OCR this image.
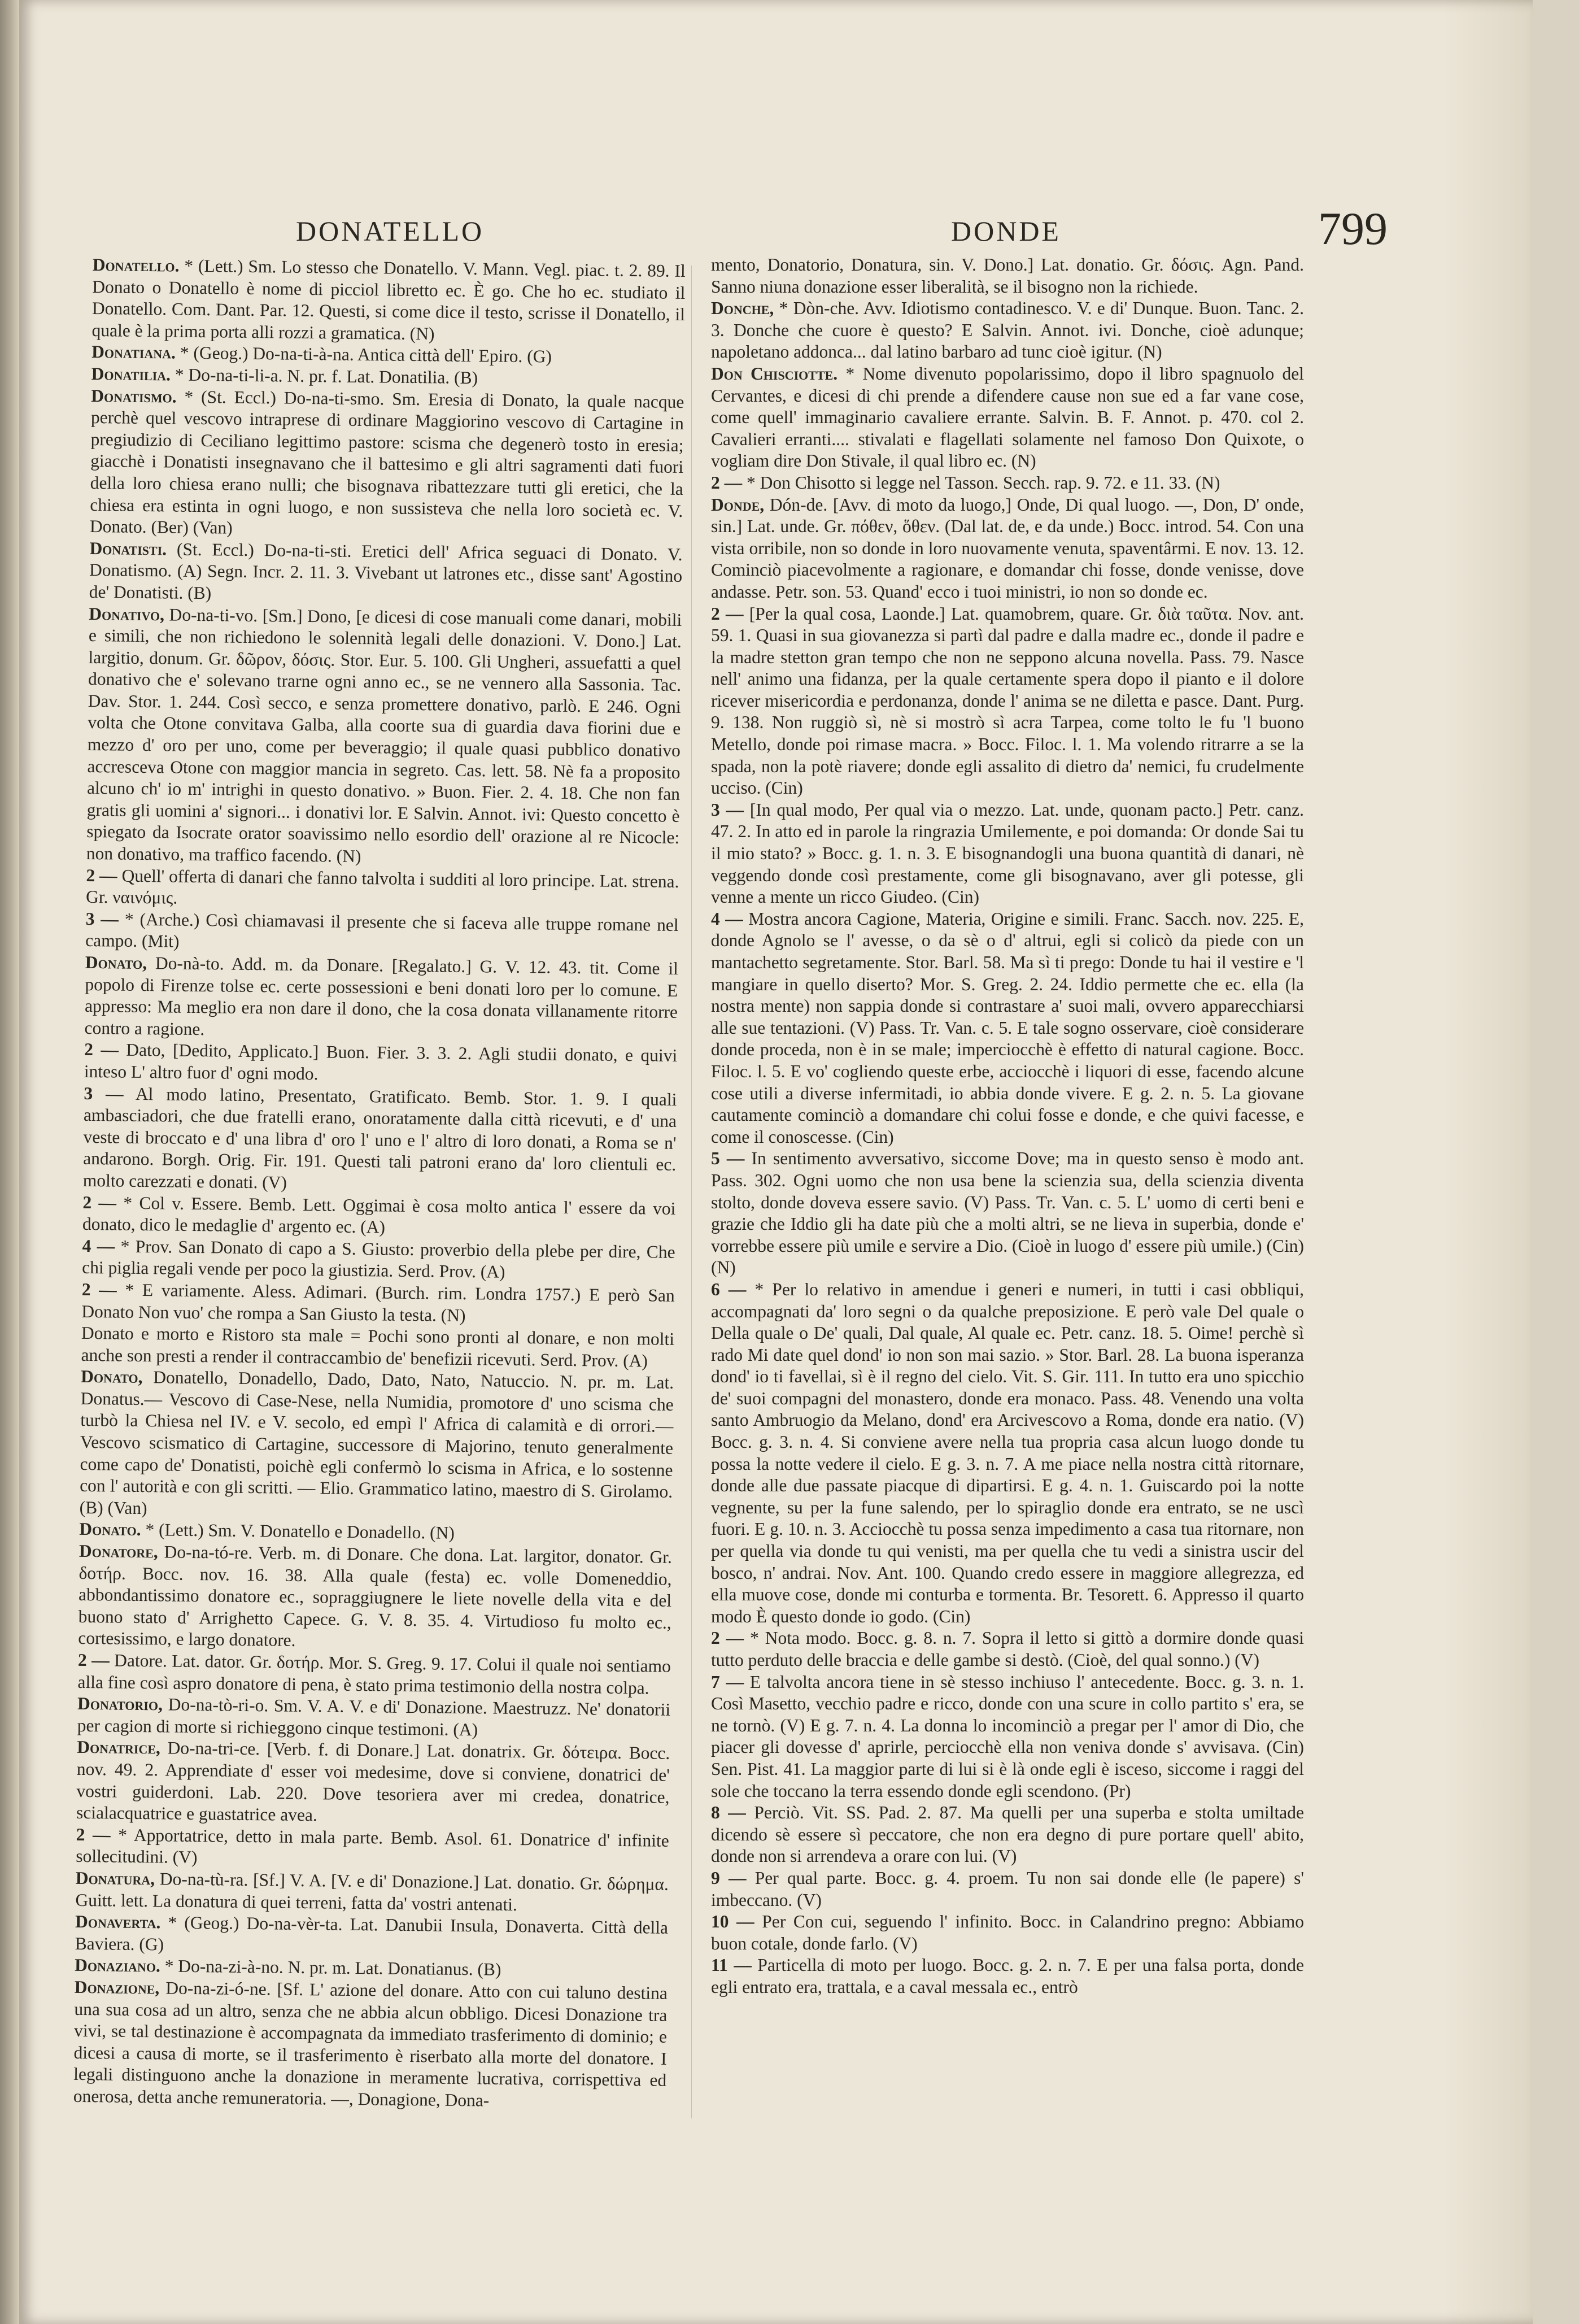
DONATELLO	DONDE	799

Donatello. * (Lett.) Sm. Lo stesso che Donatello. V. Mann. Vegl. piac. t. 2. 89. Il Donato o Donatello è nome di picciol libretto ec. È go. Che ho ec. studiato il Donatello. Com. Dant. Par. 12. Questi, si come dice il testo, scrisse il Donatello, il quale è la prima porta alli rozzi a gramatica. (N)

Donatiana. * (Geog.) Do-na-ti-à-na. Antica città dell' Epiro. (G)

Donatilia. * Do-na-ti-li-a. N. pr. f. Lat. Donatilia. (B)

Donatismo. * (St. Eccl.) Do-na-ti-smo. Sm. Eresia di Donato, la quale nacque perchè quel vescovo intraprese di ordinare Maggiorino vescovo di Cartagine in pregiudizio di Ceciliano legittimo pastore: scisma che degenerò tosto in eresia; giacchè i Donatisti insegnavano che il battesimo e gli altri sagramenti dati fuori della loro chiesa erano nulli; che bisognava ribattezzare tutti gli eretici, che la chiesa era estinta in ogni luogo, e non sussisteva che nella loro società ec. V. Donato. (Ber) (Van)

Donatisti. (St. Eccl.) Do-na-ti-sti. Eretici dell' Africa seguaci di Donato. V. Donatismo. (A) Segn. Incr. 2. 11. 3. Vivebant ut latrones etc., disse sant' Agostino de' Donatisti. (B)

Donativo, Do-na-ti-vo. [Sm.] Dono, [e dicesi di cose manuali come danari, mobili e simili, che non richiedono le solennità legali delle donazioni. V. Dono.] Lat. largitio, donum. Gr. δῶρον, δόσις. Stor. Eur. 5. 100. Gli Ungheri, assuefatti a quel donativo che e' solevano trarne ogni anno ec., se ne vennero alla Sassonia. Tac. Dav. Stor. 1. 244. Così secco, e senza promettere donativo, parlò. E 246. Ogni volta che Otone convitava Galba, alla coorte sua di guardia dava fiorini due e mezzo d' oro per uno, come per beveraggio; il quale quasi pubblico donativo accresceva Otone con maggior mancia in segreto. Cas. lett. 58. Nè fa a proposito alcuno ch' io m' intrighi in questo donativo. » Buon. Fier. 2. 4. 18. Che non fan gratis gli uomini a' signori... i donativi lor. E Salvin. Annot. ivi: Questo concetto è spiegato da Isocrate orator soavissimo nello esordio dell' orazione al re Nicocle: non donativo, ma traffico facendo. (N)

2 — Quell' offerta di danari che fanno talvolta i sudditi al loro principe. Lat. strena. Gr. ναινόμις.

3 — * (Arche.) Così chiamavasi il presente che si faceva alle truppe romane nel campo. (Mit)

Donato, Do-nà-to. Add. m. da Donare. [Regalato.] G. V. 12. 43. tit. Come il popolo di Firenze tolse ec. certe possessioni e beni donati loro per lo comune. E appresso: Ma meglio era non dare il dono, che la cosa donata villanamente ritorre contro a ragione.

2 — Dato, [Dedito, Applicato.] Buon. Fier. 3. 3. 2. Agli studii donato, e quivi inteso L' altro fuor d' ogni modo.

3 — Al modo latino, Presentato, Gratificato. Bemb. Stor. 1. 9. I quali ambasciadori, che due fratelli erano, onoratamente dalla città ricevuti, e d' una veste di broccato e d' una libra d' oro l' uno e l' altro di loro donati, a Roma se n' andarono. Borgh. Orig. Fir. 191. Questi tali patroni erano da' loro clientuli ec. molto carezzati e donati. (V)

2 — * Col v. Essere. Bemb. Lett. Oggimai è cosa molto antica l' essere da voi donato, dico le medaglie d' argento ec. (A)

4 — * Prov. San Donato di capo a S. Giusto: proverbio della plebe per dire, Che chi piglia regali vende per poco la giustizia. Serd. Prov. (A)

2 — * E variamente. Aless. Adimari. (Burch. rim. Londra 1757.) E però San Donato Non vuo' che rompa a San Giusto la testa. (N)

Donato e morto e Ristoro sta male = Pochi sono pronti al donare, e non molti anche son presti a render il contraccambio de' benefizii ricevuti. Serd. Prov. (A)

Donato, Donatello, Donadello, Dado, Dato, Nato, Natuccio. N. pr. m. Lat. Donatus.— Vescovo di Case-Nese, nella Numidia, promotore d' uno scisma che turbò la Chiesa nel IV. e V. secolo, ed empì l' Africa di calamità e di orrori.— Vescovo scismatico di Cartagine, successore di Majorino, tenuto generalmente come capo de' Donatisti, poichè egli confermò lo scisma in Africa, e lo sostenne con l' autorità e con gli scritti. — Elio. Grammatico latino, maestro di S. Girolamo. (B) (Van)

Donato. * (Lett.) Sm. V. Donatello e Donadello. (N)

Donatore, Do-na-tó-re. Verb. m. di Donare. Che dona. Lat. largitor, donator. Gr. δοτήρ. Bocc. nov. 16. 38. Alla quale (festa) ec. volle Domeneddio, abbondantissimo donatore ec., sopraggiugnere le liete novelle della vita e del buono stato d' Arrighetto Capece. G. V. 8. 35. 4. Virtudioso fu molto ec., cortesissimo, e largo donatore.

2 — Datore. Lat. dator. Gr. δοτήρ. Mor. S. Greg. 9. 17. Colui il quale noi sentiamo alla fine così aspro donatore di pena, è stato prima testimonio della nostra colpa.

Donatorio, Do-na-tò-ri-o. Sm. V. A. V. e di' Donazione. Maestruzz. Ne' donatorii per cagion di morte si richieggono cinque testimoni. (A)

Donatrice, Do-na-tri-ce. [Verb. f. di Donare.] Lat. donatrix. Gr. δότειρα. Bocc. nov. 49. 2. Apprendiate d' esser voi medesime, dove si conviene, donatrici de' vostri guiderdoni. Lab. 220. Dove tesoriera aver mi credea, donatrice, scialacquatrice e guastatrice avea.

2 — * Apportatrice, detto in mala parte. Bemb. Asol. 61. Donatrice d' infinite sollecitudini. (V)

Donatura, Do-na-tù-ra. [Sf.] V. A. [V. e di' Donazione.] Lat. donatio. Gr. δώρημα. Guitt. lett. La donatura di quei terreni, fatta da' vostri antenati.

Donaverta. * (Geog.) Do-na-vèr-ta. Lat. Danubii Insula, Donaverta. Città della Baviera. (G)

Donaziano. * Do-na-zi-à-no. N. pr. m. Lat. Donatianus. (B)

Donazione, Do-na-zi-ó-ne. [Sf. L' azione del donare. Atto con cui taluno destina una sua cosa ad un altro, senza che ne abbia alcun obbligo. Dicesi Donazione tra vivi, se tal destinazione è accompagnata da immediato trasferimento di dominio; e dicesi a causa di morte, se il trasferimento è riserbato alla morte del donatore. I legali distinguono anche la donazione in meramente lucrativa, corrispettiva ed onerosa, detta anche remuneratoria. —, Donagione, Dona-

mento, Donatorio, Donatura, sin. V. Dono.] Lat. donatio. Gr. δόσις. Agn. Pand. Sanno niuna donazione esser liberalità, se il bisogno non la richiede.

Donche, * Dòn-che. Avv. Idiotismo contadinesco. V. e di' Dunque. Buon. Tanc. 2. 3. Donche che cuore è questo? E Salvin. Annot. ivi. Donche, cioè adunque; napoletano addonca... dal latino barbaro ad tunc cioè igitur. (N)

Don Chisciotte. * Nome divenuto popolarissimo, dopo il libro spagnuolo del Cervantes, e dicesi di chi prende a difendere cause non sue ed a far vane cose, come quell' immaginario cavaliere errante. Salvin. B. F. Annot. p. 470. col 2. Cavalieri erranti.... stivalati e flagellati solamente nel famoso Don Quixote, o vogliam dire Don Stivale, il qual libro ec. (N)

2 — * Don Chisotto si legge nel Tasson. Secch. rap. 9. 72. e 11. 33. (N)

Donde, Dón-de. [Avv. di moto da luogo,] Onde, Di qual luogo. —, Don, D' onde, sin.] Lat. unde. Gr. πόθεν, ὅθεν. (Dal lat. de, e da unde.) Bocc. introd. 54. Con una vista orribile, non so donde in loro nuovamente venuta, spaventârmi. E nov. 13. 12. Cominciò piacevolmente a ragionare, e domandar chi fosse, donde venisse, dove andasse. Petr. son. 53. Quand' ecco i tuoi ministri, io non so donde ec.

2 — [Per la qual cosa, Laonde.] Lat. quamobrem, quare. Gr. διὰ ταῦτα. Nov. ant. 59. 1. Quasi in sua giovanezza si partì dal padre e dalla madre ec., donde il padre e la madre stetton gran tempo che non ne seppono alcuna novella. Pass. 79. Nasce nell' animo una fidanza, per la quale certamente spera dopo il pianto e il dolore ricever misericordia e perdonanza, donde l' anima se ne diletta e pasce. Dant. Purg. 9. 138. Non ruggiò sì, nè si mostrò sì acra Tarpea, come tolto le fu 'l buono Metello, donde poi rimase macra. » Bocc. Filoc. l. 1. Ma volendo ritrarre a se la spada, non la potè riavere; donde egli assalito di dietro da' nemici, fu crudelmente ucciso. (Cin)

3 — [In qual modo, Per qual via o mezzo. Lat. unde, quonam pacto.] Petr. canz. 47. 2. In atto ed in parole la ringrazia Umilemente, e poi domanda: Or donde Sai tu il mio stato? » Bocc. g. 1. n. 3. E bisognandogli una buona quantità di danari, nè veggendo donde così prestamente, come gli bisognavano, aver gli potesse, gli venne a mente un ricco Giudeo. (Cin)

4 — Mostra ancora Cagione, Materia, Origine e simili. Franc. Sacch. nov. 225. E, donde Agnolo se l' avesse, o da sè o d' altrui, egli si colicò da piede con un mantachetto segretamente. Stor. Barl. 58. Ma sì ti prego: Donde tu hai il vestire e 'l mangiare in quello diserto? Mor. S. Greg. 2. 24. Iddio permette che ec. ella (la nostra mente) non sappia donde si contrastare a' suoi mali, ovvero apparecchiarsi alle sue tentazioni. (V) Pass. Tr. Van. c. 5. E tale sogno osservare, cioè considerare donde proceda, non è in se male; imperciocchè è effetto di natural cagione. Bocc. Filoc. l. 5. E vo' cogliendo queste erbe, acciocchè i liquori di esse, facendo alcune cose utili a diverse infermitadi, io abbia donde vivere. E g. 2. n. 5. La giovane cautamente cominciò a domandare chi colui fosse e donde, e che quivi facesse, e come il conoscesse. (Cin)

5 — In sentimento avversativo, siccome Dove; ma in questo senso è modo ant. Pass. 302. Ogni uomo che non usa bene la scienzia sua, della scienzia diventa stolto, donde doveva essere savio. (V) Pass. Tr. Van. c. 5. L' uomo di certi beni e grazie che Iddio gli ha date più che a molti altri, se ne lieva in superbia, donde e' vorrebbe essere più umile e servire a Dio. (Cioè in luogo d' essere più umile.) (Cin) (N)

6 — * Per lo relativo in amendue i generi e numeri, in tutti i casi obbliqui, accompagnati da' loro segni o da qualche preposizione. E però vale Del quale o Della quale o De' quali, Dal quale, Al quale ec. Petr. canz. 18. 5. Oime! perchè sì rado Mi date quel dond' io non son mai sazio. » Stor. Barl. 28. La buona isperanza dond' io ti favellai, sì è il regno del cielo. Vit. S. Gir. 111. In tutto era uno spicchio de' suoi compagni del monastero, donde era monaco. Pass. 48. Venendo una volta santo Ambruogio da Melano, dond' era Arcivescovo a Roma, donde era natio. (V) Bocc. g. 3. n. 4. Si conviene avere nella tua propria casa alcun luogo donde tu possa la notte vedere il cielo. E g. 3. n. 7. A me piace nella nostra città ritornare, donde alle due passate piacque di dipartirsi. E g. 4. n. 1. Guiscardo poi la notte vegnente, su per la fune salendo, per lo spiraglio donde era entrato, se ne uscì fuori. E g. 10. n. 3. Acciocchè tu possa senza impedimento a casa tua ritornare, non per quella via donde tu qui venisti, ma per quella che tu vedi a sinistra uscir del bosco, n' andrai. Nov. Ant. 100. Quando credo essere in maggiore allegrezza, ed ella muove cose, donde mi conturba e tormenta. Br. Tesorett. 6. Appresso il quarto modo È questo donde io godo. (Cin)

2 — * Nota modo. Bocc. g. 8. n. 7. Sopra il letto si gittò a dormire donde quasi tutto perduto delle braccia e delle gambe si destò. (Cioè, del qual sonno.) (V)

7 — E talvolta ancora tiene in sè stesso inchiuso l' antecedente. Bocc. g. 3. n. 1. Così Masetto, vecchio padre e ricco, donde con una scure in collo partito s' era, se ne tornò. (V) E g. 7. n. 4. La donna lo incominciò a pregar per l' amor di Dio, che piacer gli dovesse d' aprirle, perciocchè ella non veniva donde s' avvisava. (Cin) Sen. Pist. 41. La maggior parte di lui si è là onde egli è isceso, siccome i raggi del sole che toccano la terra essendo donde egli scendono. (Pr)

8 — Perciò. Vit. SS. Pad. 2. 87. Ma quelli per una superba e stolta umiltade dicendo sè essere sì peccatore, che non era degno di pure portare quell' abito, donde non si arrendeva a orare con lui. (V)

9 — Per qual parte. Bocc. g. 4. proem. Tu non sai donde elle (le papere) s' imbeccano. (V)

10 — Per Con cui, seguendo l' infinito. Bocc. in Calandrino pregno: Abbiamo buon cotale, donde farlo. (V)

11 — Particella di moto per luogo. Bocc. g. 2. n. 7. E per una falsa porta, donde egli entrato era, trattala, e a caval messala ec., entrò
